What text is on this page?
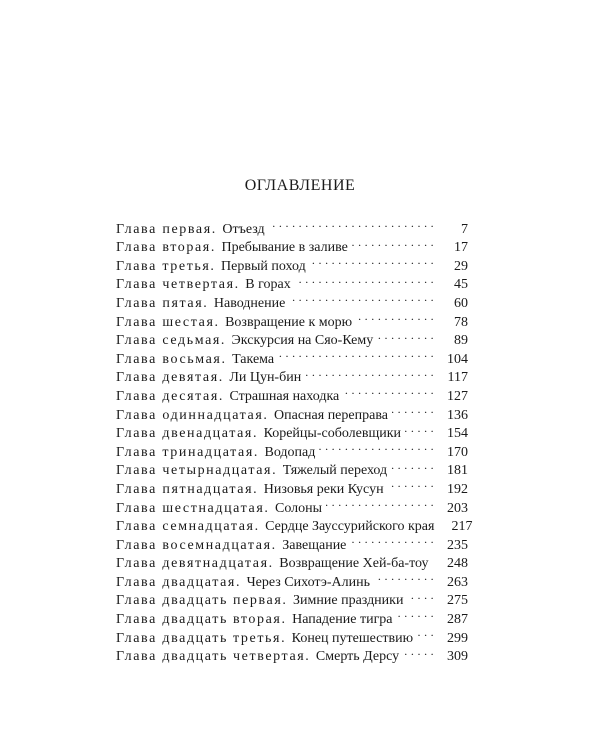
ОГЛАВЛЕНИЕ
Глава первая. Отъезд . . .	7
Глава вторая. Пребывание в заливе . . .	17
Глава третья. Первый поход . . .	29
Глава четвертая. В горах . . .	45
Глава пятая. Наводнение . . .	60
Глава шестая. Возвращение к морю . . .	78
Глава седьмая. Экскурсия на Сяо-Кему . . .	89
Глава восьмая. Такема . . .	104
Глава девятая. Ли Цун-бин . . .	117
Глава десятая. Страшная находка . . .	127
Глава одиннадцатая. Опасная переправа . . .	136
Глава двенадцатая. Корейцы-соболевщики . . .	154
Глава тринадцатая. Водопад . . .	170
Глава четырнадцатая. Тяжелый переход . . .	181
Глава пятнадцатая. Низовья реки Кусун . . .	192
Глава шестнадцатая. Солоны . . .	203
Глава семнадцатая. Сердце Зауссурийского края	217
Глава восемнадцатая. Завещание . . .	235
Глава девятнадцатая. Возвращение Хей-ба-тоу . . .	248
Глава двадцатая. Через Сихотэ-Алинь . . .	263
Глава двадцать первая. Зимние праздники . . .	275
Глава двадцать вторая. Нападение тигра . . .	287
Глава двадцать третья. Конец путешествию . . .	299
Глава двадцать четвертая. Смерть Дерсу . . .	309
